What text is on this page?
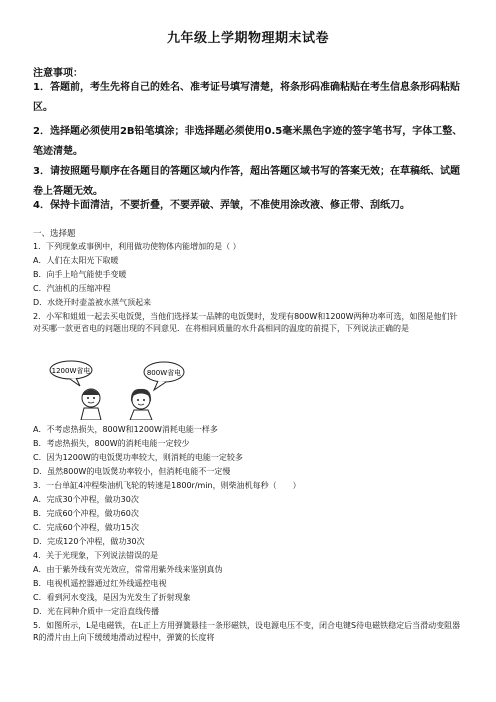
九年级上学期物理期末试卷
注意事项：

1．答题前，考生先将自己的姓名、准考证号填写清楚，将条形码准确粘贴在考生信息条形码粘贴区。

2．选择题必须使用2B铅笔填涂；非选择题必须使用0.5毫米黑色字迹的签字笔书写，字体工整、笔迹清楚。

3．请按照题号顺序在各题目的答题区域内作答，超出答题区域书写的答案无效；在草稿纸、试题卷上答题无效。

4．保持卡面清洁，不要折叠，不要弄破、弄皱，不准使用涂改液、修正带、刮纸刀。

一、选择题
1．下列现象或事例中，利用做功使物体内能增加的是（ ）
A．人们在太阳光下取暖
B．向手上哈气能使手变暖
C．汽油机的压缩冲程
D．水烧开时壶盖被水蒸气顶起来
2．小军和姐姐一起去买电饭煲，当他们选择某一品牌的电饭煲时，发现有800W和1200W两种功率可选，如图是他们针对买哪一款更省电的问题出现的不同意见．在将相同质量的水升高相同的温度的前提下，下列说法正确的是
1200W省电	800W省电
A．不考虑热损失，800W和1200W消耗电能一样多
B．考虑热损失，800W的消耗电能一定较少
C．因为1200W的电饭煲功率较大，则消耗的电能一定较多
D．虽然800W的电饭煲功率较小，但消耗电能不一定慢
3．一台单缸4冲程柴油机飞轮的转速是1800r/min，则柴油机每秒（　　）
A．完成30个冲程，做功30次
B．完成60个冲程，做功60次
C．完成60个冲程，做功15次
D．完成120个冲程，做功30次
4．关于光现象，下列说法错误的是
A．由于紫外线有荧光效应，常常用紫外线来鉴别真伪
B．电视机遥控器通过红外线遥控电视
C．看到河水变浅，是因为光发生了折射现象
D．光在同种介质中一定沿直线传播
5．如图所示，L是电磁铁，在L正上方用弹簧悬挂一条形磁铁，设电源电压不变，闭合电键S待电磁铁稳定后当滑动变阻器R的滑片由上向下缓缓地滑动过程中，弹簧的长度将
